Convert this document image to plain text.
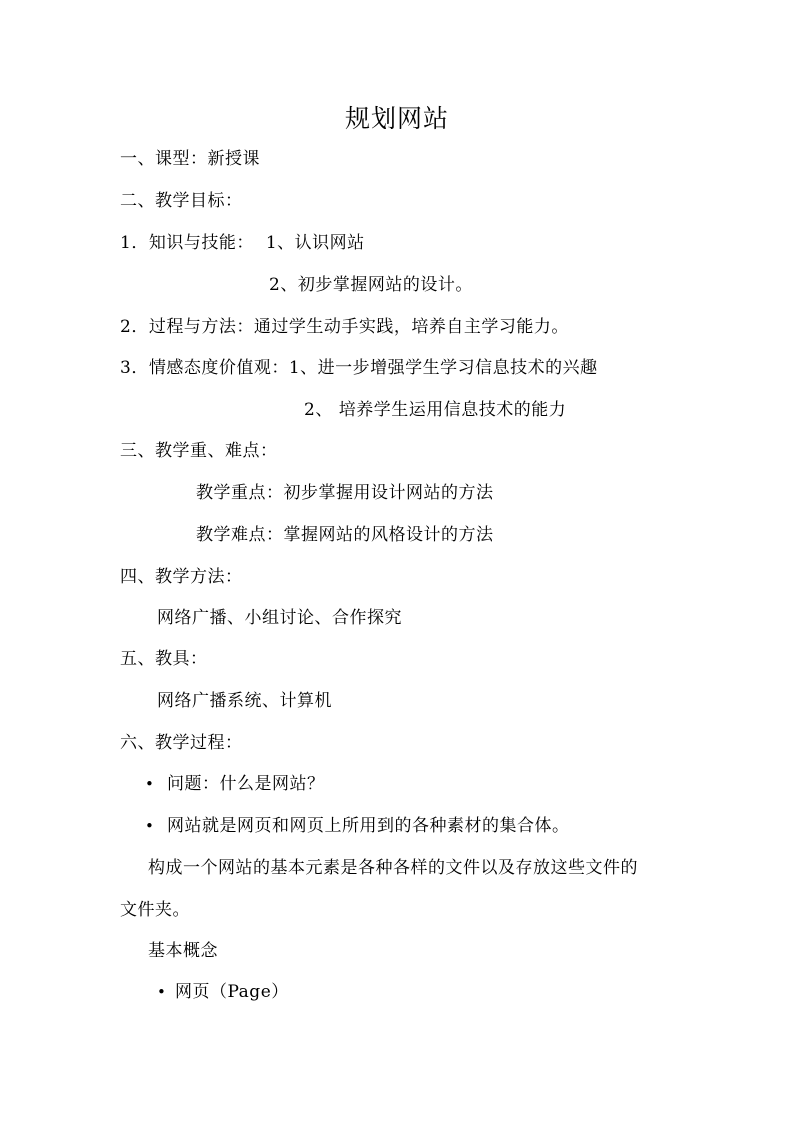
规划网站
一、课型：新授课
二、教学目标：
1．知识与技能： 1、认识网站
2、初步掌握网站的设计。
2．过程与方法：通过学生动手实践，培养自主学习能力。
3．情感态度价值观：1、进一步增强学生学习信息技术的兴趣
2、 培养学生运用信息技术的能力
三、教学重、难点：
教学重点：初步掌握用设计网站的方法
教学难点：掌握网站的风格设计的方法
四、教学方法：
网络广播、小组讨论、合作探究
五、教具：
网络广播系统、计算机
六、教学过程：
• 问题：什么是网站？
• 网站就是网页和网页上所用到的各种素材的集合体。
构成一个网站的基本元素是各种各样的文件以及存放这些文件的
文件夹。
基本概念
• 网页（Page）
